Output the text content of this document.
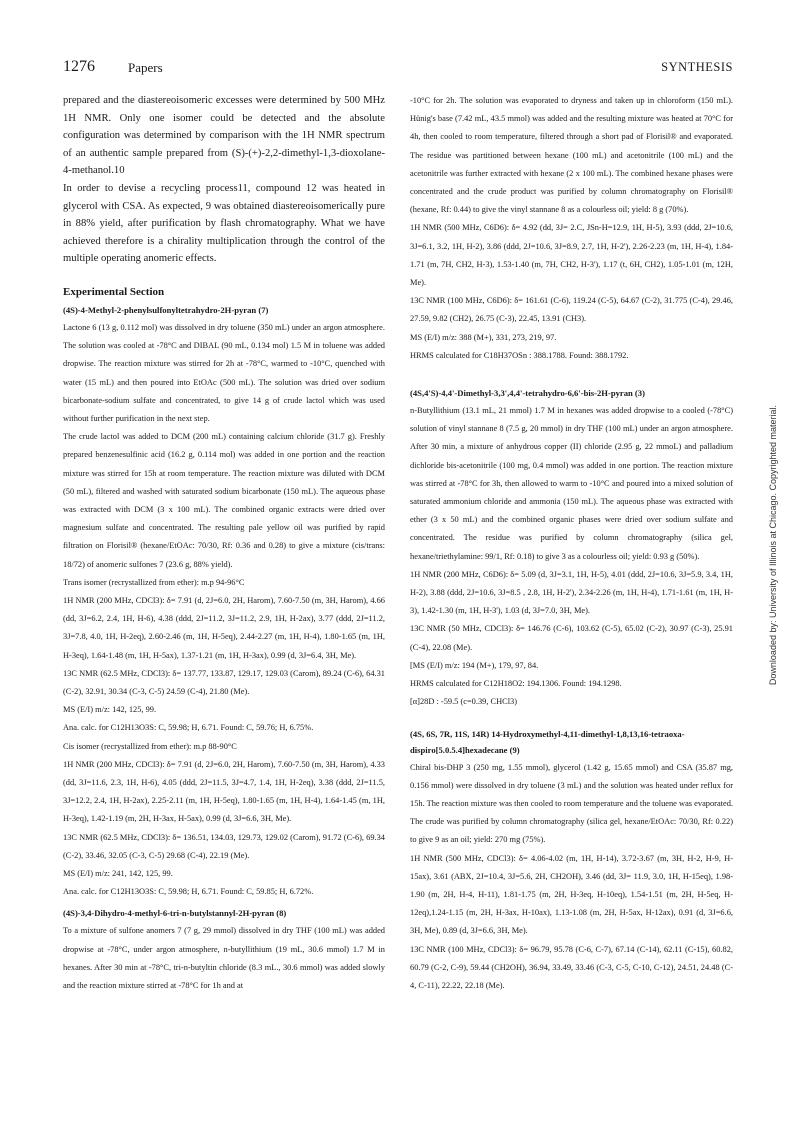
1276	Papers	SYNTHESIS

prepared and the diastereoisomeric excesses were determined by 500 MHz 1H NMR. Only one isomer could be detected and the absolute configuration was determined by comparison with the 1H NMR spectrum of an authentic sample prepared from (S)-(+)-2,2-dimethyl-1,3-dioxolane-4-methanol.10
In order to devise a recycling process11, compound 12 was heated in glycerol with CSA. As expected, 9 was obtained diastereoisomerically pure in 88% yield, after purification by flash chromatography. What we have achieved therefore is a chirality multiplication through the control of the multiple operating anomeric effects.

Experimental Section
(4S)-4-Methyl-2-phenylsulfonyltetrahydro-2H-pyran (7)

Lactone 6 (13 g, 0.112 mol) was dissolved in dry toluene (350 mL) under an argon atmosphere. The solution was cooled at -78°C and DIBAL (90 mL, 0.134 mol) 1.5 M in toluene was added dropwise. The reaction mixture was stirred for 2h at -78°C, warmed to -10°C, quenched with water (15 mL) and then poured into EtOAc (500 mL). The solution was dried over sodium bicarbonate-sodium sulfate and concentrated, to give 14 g of crude lactol which was used without further purification in the next step.

The crude lactol was added to DCM (200 mL) containing calcium chloride (31.7 g). Freshly prepared benzenesulfinic acid (16.2 g, 0.114 mol) was added in one portion and the reaction mixture was stirred for 15h at room temperature. The reaction mixture was diluted with DCM (50 mL), filtered and washed with saturated sodium bicarbonate (150 mL). The aqueous phase was extracted with DCM (3 x 100 mL). The combined organic extracts were dried over magnesium sulfate and concentrated. The resulting pale yellow oil was purified by rapid filtration on Florisil® (hexane/EtOAc: 70/30, Rf: 0.36 and 0.28) to give a mixture (cis/trans: 18/72) of anomeric sulfones 7 (23.6 g, 88% yield).

Trans isomer (recrystallized from ether): m.p 94-96°C

1H NMR (200 MHz, CDCl3): δ= 7.91 (d, 2J=6.0, 2H, Harom), 7.60-7.50 (m, 3H, Harom), 4.66 (dd, 3J=6.2, 2.4, 1H, H-6), 4.38 (ddd, 2J=11.2, 3J=11.2, 2.9, 1H, H-2ax), 3.77 (ddd, 2J=11.2, 3J=7.8, 4.0, 1H, H-2eq), 2.60-2.46 (m, 1H, H-5eq), 2.44-2.27 (m, 1H, H-4), 1.80-1.65 (m, 1H, H-3eq), 1.64-1.48 (m, 1H, H-5ax), 1.37-1.21 (m, 1H, H-3ax), 0.99 (d, 3J=6.4, 3H, Me).

13C NMR (62.5 MHz, CDCl3): δ= 137.77, 133.87, 129.17, 129.03 (Carom), 89.24 (C-6), 64.31 (C-2), 32.91, 30.34 (C-3, C-5) 24.59 (C-4), 21.80 (Me).

MS (E/I) m/z: 142, 125, 99.

Ana. calc. for C12H13O3S: C, 59.98; H, 6.71. Found: C, 59.76; H, 6.75%.

Cis isomer (recrystallized from ether): m.p 88-90°C

1H NMR (200 MHz, CDCl3): δ= 7.91 (d, 2J=6.0, 2H, Harom), 7.60-7.50 (m, 3H, Harom), 4.33 (dd, 3J=11.6, 2.3, 1H, H-6), 4.05 (ddd, 2J=11.5, 3J=4.7, 1.4, 1H, H-2eq), 3.38 (ddd, 2J=11.5, 3J=12.2, 2.4, 1H, H-2ax), 2.25-2.11 (m, 1H, H-5eq), 1.80-1.65 (m, 1H, H-4), 1.64-1.45 (m, 1H, H-3eq), 1.42-1.19 (m, 2H, H-3ax, H-5ax), 0.99 (d, 3J=6.6, 3H, Me).

13C NMR (62.5 MHz, CDCl3): δ= 136.51, 134.03, 129.73, 129.02 (Carom), 91.72 (C-6), 69.34 (C-2), 33.46, 32.05 (C-3, C-5) 29.68 (C-4), 22.19 (Me).

MS (E/I) m/z: 241, 142, 125, 99.

Ana. calc. for C12H13O3S: C, 59.98; H, 6.71. Found: C, 59.85; H, 6.72%.

(4S)-3,4-Dihydro-4-methyl-6-tri-n-butylstannyl-2H-pyran (8)

To a mixture of sulfone anomers 7 (7 g, 29 mmol) dissolved in dry THF (100 mL) was added dropwise at -78°C, under argon atmosphere, n-butyllithium (19 mL, 30.6 mmol) 1.7 M in hexanes. After 30 min at -78°C, tri-n-butyltin chloride (8.3 mL., 30.6 mmol) was added slowly and the reaction mixture stirred at -78°C for 1h and at

-10°C for 2h. The solution was evaporated to dryness and taken up in chloroform (150 mL). Hünig's base (7.42 mL, 43.5 mmol) was added and the resulting mixture was heated at 70°C for 4h, then cooled to room temperature, filtered through a short pad of Florisil® and evaporated. The residue was partitioned between hexane (100 mL) and acetonitrile (100 mL) and the acetonitrile was further extracted with hexane (2 x 100 mL). The combined hexane phases were concentrated and the crude product was purified by column chromatography on Florisil® (hexane, Rf: 0.44) to give the vinyl stannane 8 as a colourless oil; yield: 8 g (70%).

1H NMR (500 MHz, C6D6): δ= 4.92 (dd, 3J= 2.C, JSn-H=12.9, 1H, H-5), 3.93 (ddd, 2J=10.6, 3J=6.1, 3.2, 1H, H-2), 3.86 (ddd, 2J=10.6, 3J=8.9, 2.7, 1H, H-2'), 2.26-2.23 (m, 1H, H-4), 1.84-1.71 (m, 7H, CH2, H-3), 1.53-1.40 (m, 7H, CH2, H-3'), 1.17 (t, 6H, CH2), 1.05-1.01 (m, 12H, Me).

13C NMR (100 MHz, C6D6): δ= 161.61 (C-6), 119.24 (C-5), 64.67 (C-2), 31.775 (C-4), 29.46, 27.59, 9.82 (CH2), 26.75 (C-3), 22.45, 13.91 (CH3).

MS (E/I) m/z: 388 (M+), 331, 273, 219, 97.

HRMS calculated for C18H37OSn : 388.1788. Found: 388.1792.

(4S,4'S)-4,4'-Dimethyl-3,3',4,4'-tetrahydro-6,6'-bis-2H-pyran (3)

n-Butyllithium (13.1 mL, 21 mmol) 1.7 M in hexanes was added dropwise to a cooled (-78°C) solution of vinyl stannane 8 (7.5 g, 20 mmol) in dry THF (100 mL) under an argon atmosphere. After 30 min, a mixture of anhydrous copper (II) chloride (2.95 g, 22 mmoL) and palladium dichloride bis-acetonitrile (100 mg, 0.4 mmol) was added in one portion. The reaction mixture was stirred at -78°C for 3h, then allowed to warm to -10°C and poured into a mixed solution of saturated ammonium chloride and ammonia (150 mL). The aqueous phase was extracted with ether (3 x 50 mL) and the combined organic phases were dried over sodium sulfate and concentrated. The residue was purified by column chromatography (silica gel, hexane/triethylamine: 99/1, Rf: 0.18) to give 3 as a colourless oil; yield: 0.93 g (50%).

1H NMR (200 MHz, C6D6): δ= 5.09 (d, 3J=3.1, 1H, H-5), 4.01 (ddd, 2J=10.6, 3J=5.9, 3.4, 1H, H-2), 3.88 (ddd, 2J=10.6, 3J=8.5 , 2.8, 1H, H-2'), 2.34-2.26 (m, 1H, H-4), 1.71-1.61 (m, 1H, H-3), 1.42-1.30 (m, 1H, H-3'), 1.03 (d, 3J=7.0, 3H, Me).

13C NMR (50 MHz, CDCl3): δ= 146.76 (C-6), 103.62 (C-5), 65.02 (C-2), 30.97 (C-3), 25.91 (C-4), 22.08 (Me).

[MS (E/I) m/z: 194 (M+), 179, 97, 84.

HRMS calculated for C12H18O2: 194.1306. Found: 194.1298.

[α]28D : -59.5 (c=0.39, CHCl3)

(4S, 6S, 7R, 11S, 14R) 14-Hydroxymethyl-4,11-dimethyl-1,8,13,16-tetraoxa-dispiro[5.0.5.4]hexadecane (9)

Chiral bis-DHP 3 (250 mg, 1.55 mmol), glycerol (1.42 g, 15.65 mmol) and CSA (35.87 mg, 0.156 mmol) were dissolved in dry toluene (3 mL) and the solution was heated under reflux for 15h. The reaction mixture was then cooled to room temperature and the toluene was evaporated. The crude was purified by column chromatography (silica gel, hexane/EtOAc: 70/30, Rf: 0.22) to give 9 as an oil; yield: 270 mg (75%).

1H NMR (500 MHz, CDCl3): δ= 4.06-4.02 (m, 1H, H-14), 3.72-3.67 (m, 3H, H-2, H-9, H-15ax), 3.61 (ABX, 2J=10.4, 3J=5.6, 2H, CH2OH), 3.46 (dd, 3J= 11.9, 3.0, 1H, H-15eq), 1.98-1.90 (m, 2H, H-4, H-11), 1.81-1.75 (m, 2H, H-3eq, H-10eq), 1.54-1.51 (m, 2H, H-5eq, H-12eq),1.24-1.15 (m, 2H, H-3ax, H-10ax), 1.13-1.08 (m, 2H, H-5ax, H-12ax), 0.91 (d, 3J=6.6, 3H, Me), 0.89 (d, 3J=6.6, 3H, Me).

13C NMR (100 MHz, CDCl3): δ= 96.79, 95.78 (C-6, C-7), 67.14 (C-14), 62.11 (C-15), 60.82, 60.79 (C-2, C-9), 59.44 (CH2OH), 36.94, 33.49, 33.46 (C-3, C-5, C-10, C-12), 24.51, 24.48 (C-4, C-11), 22.22, 22.18 (Me).

Downloaded by: University of Illinois at Chicago. Copyrighted material.
